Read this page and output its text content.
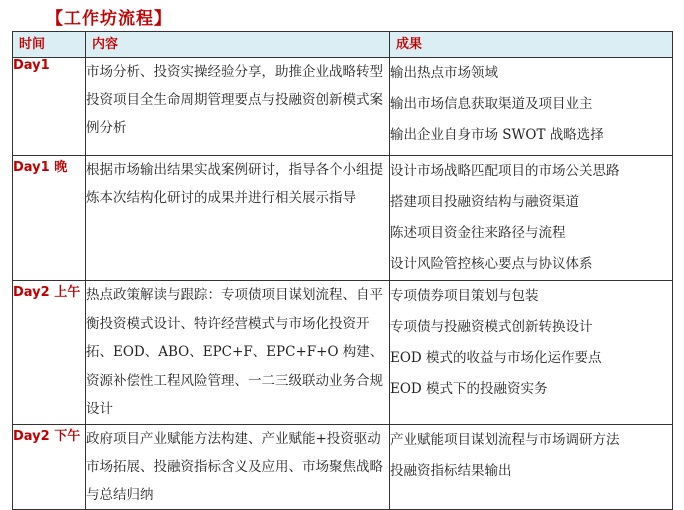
【工作坊流程】
时间	内容	成果
Day1	市场分析、投资实操经验分享，助推企业战略转型投资项目全生命周期管理要点与投融资创新模式案例分析	输出热点市场领域
输出市场信息获取渠道及项目业主
输出企业自身市场 SWOT 战略选择

Day1 晚	根据市场输出结果实战案例研讨，指导各个小组提炼本次结构化研讨的成果并进行相关展示指导	设计市场战略匹配项目的市场公关思路
搭建项目投融资结构与融资渠道
陈述项目资金往来路径与流程
设计风险管控核心要点与协议体系

Day2 上午	热点政策解读与跟踪：专项债项目谋划流程、自平衡投资模式设计、特许经营模式与市场化投资开拓、EOD、ABO、EPC+F、EPC+F+O 构建、资源补偿性工程风险管理、一二三级联动业务合规设计	专项债券项目策划与包装
专项债与投融资模式创新转换设计
EOD 模式的收益与市场化运作要点
EOD 模式下的投融资实务

Day2 下午	政府项目产业赋能方法构建、产业赋能+投资驱动市场拓展、投融资指标含义及应用、市场聚焦战略与总结归纳	产业赋能项目谋划流程与市场调研方法
投融资指标结果输出
